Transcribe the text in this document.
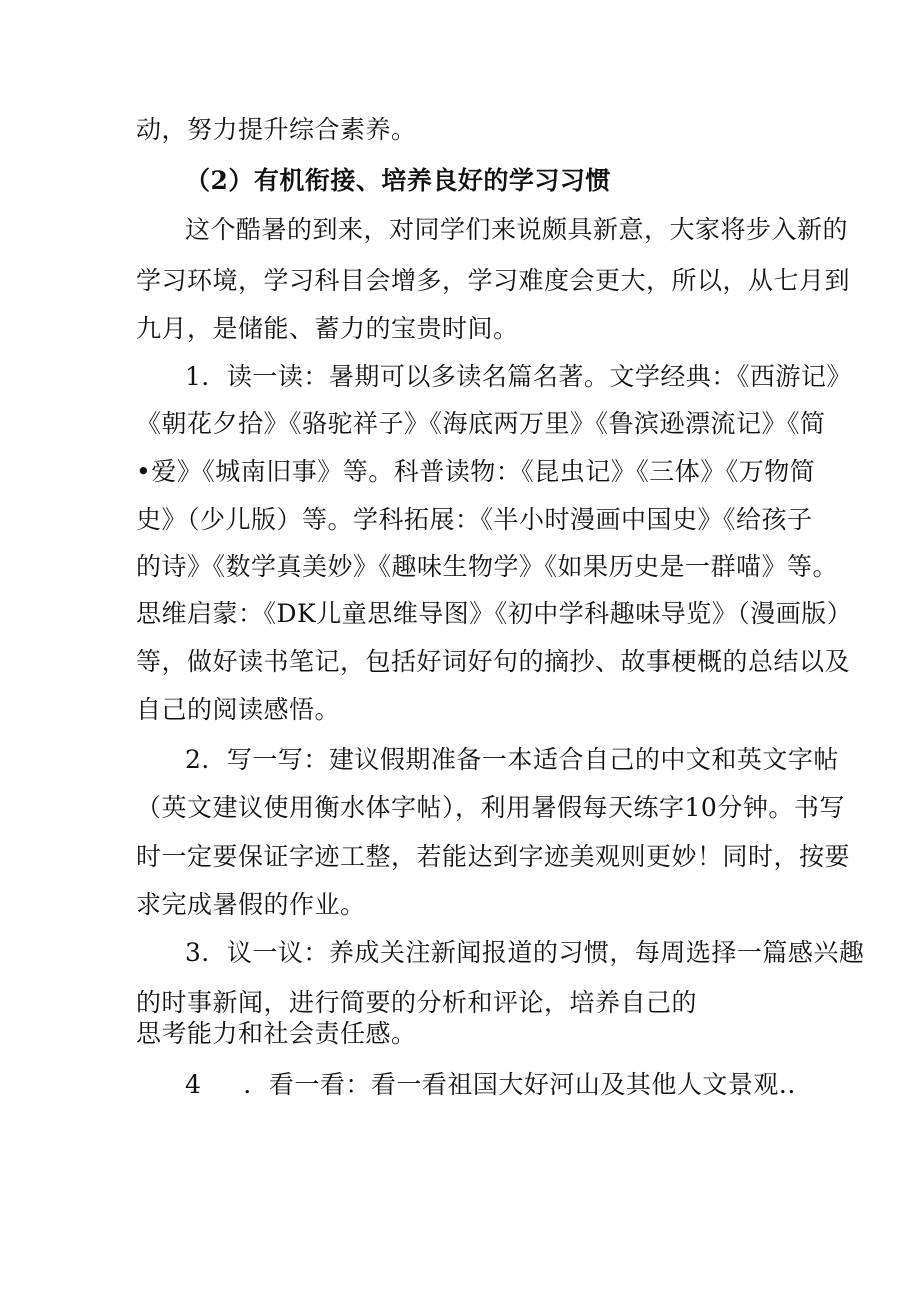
动，努力提升综合素养。
（2）有机衔接、培养良好的学习习惯
这个酷暑的到来，对同学们来说颇具新意，大家将步入新的
学习环境，学习科目会增多，学习难度会更大，所以，从七月到
九月，是储能、蓄力的宝贵时间。
1．读一读：暑期可以多读名篇名著。文学经典：《西游记》
《朝花夕拾》《骆驼祥子》《海底两万里》《鲁滨逊漂流记》《简
•爱》《城南旧事》等。科普读物：《昆虫记》《三体》《万物简
史》（少儿版）等。学科拓展：《半小时漫画中国史》《给孩子
的诗》《数学真美妙》《趣味生物学》《如果历史是一群喵》等。
思维启蒙：《DK儿童思维导图》《初中学科趣味导览》（漫画版）
等，做好读书笔记，包括好词好句的摘抄、故事梗概的总结以及
自己的阅读感悟。
2．写一写：建议假期准备一本适合自己的中文和英文字帖
（英文建议使用衡水体字帖），利用暑假每天练字10分钟。书写
时一定要保证字迹工整，若能达到字迹美观则更妙！同时，按要
求完成暑假的作业。
3．议一议：养成关注新闻报道的习惯，每周选择一篇感兴趣
的时事新闻，进行简要的分析和评论，培养自己的
思考能力和社会责任感。
4 ．看一看：看一看祖国大好河山及其他人文景观..
